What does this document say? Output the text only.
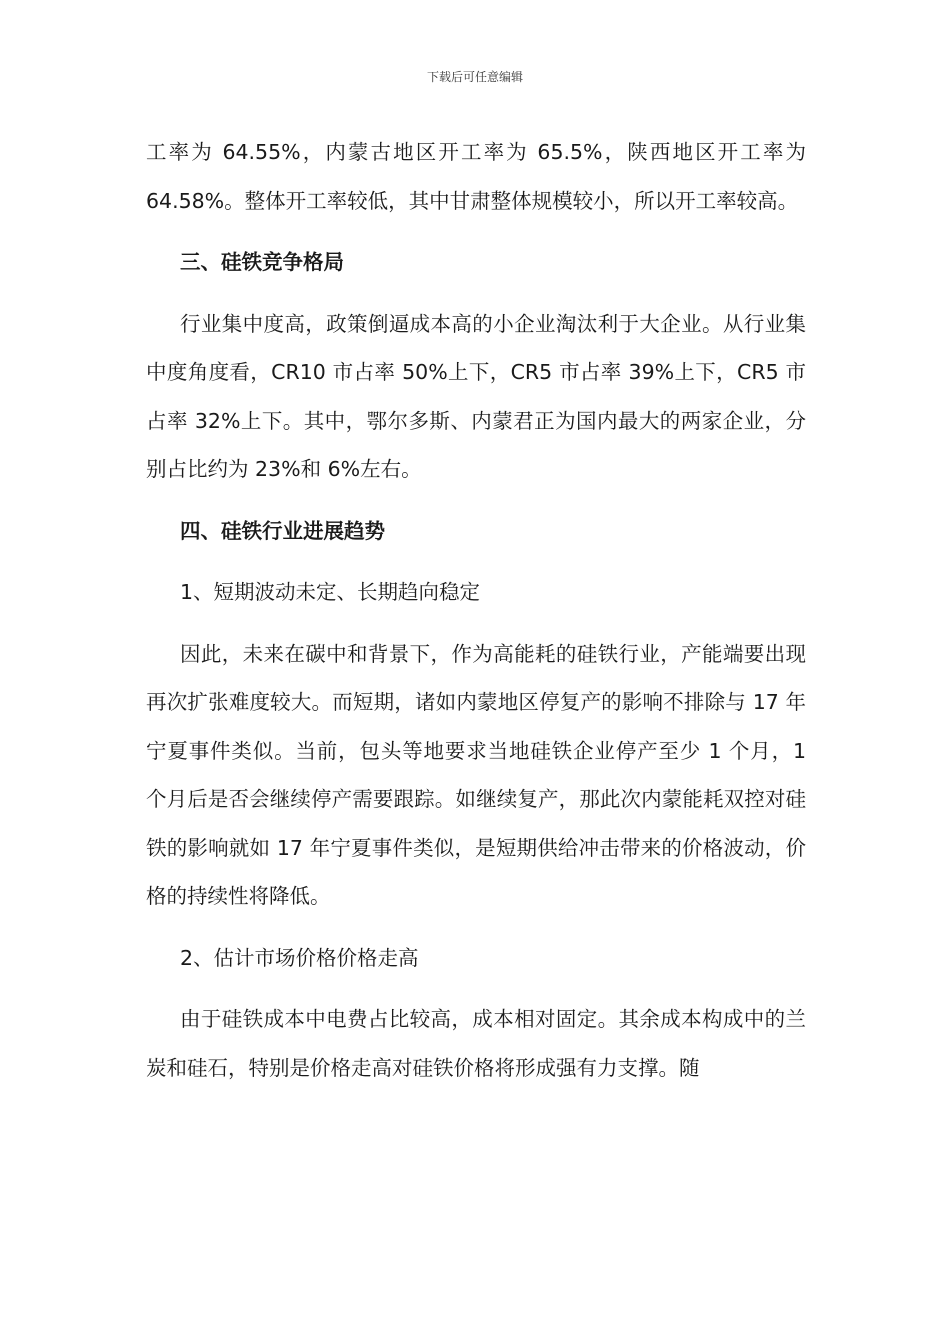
下载后可任意编辑

工率为 64.55%，内蒙古地区开工率为 65.5%，陕西地区开工率为 64.58%。整体开工率较低，其中甘肃整体规模较小，所以开工率较高。

三、硅铁竞争格局

行业集中度高，政策倒逼成本高的小企业淘汰利于大企业。从行业集中度角度看，CR10 市占率 50%上下，CR5 市占率 39%上下，CR5 市占率 32%上下。其中，鄂尔多斯、内蒙君正为国内最大的两家企业，分别占比约为 23%和 6%左右。

四、硅铁行业进展趋势

1、短期波动未定、长期趋向稳定

因此，未来在碳中和背景下，作为高能耗的硅铁行业，产能端要出现再次扩张难度较大。而短期，诸如内蒙地区停复产的影响不排除与 17 年宁夏事件类似。当前，包头等地要求当地硅铁企业停产至少 1 个月，1 个月后是否会继续停产需要跟踪。如继续复产，那此次内蒙能耗双控对硅铁的影响就如 17 年宁夏事件类似，是短期供给冲击带来的价格波动，价格的持续性将降低。

2、估计市场价格价格走高

由于硅铁成本中电费占比较高，成本相对固定。其余成本构成中的兰炭和硅石，特别是价格走高对硅铁价格将形成强有力支撑。随
